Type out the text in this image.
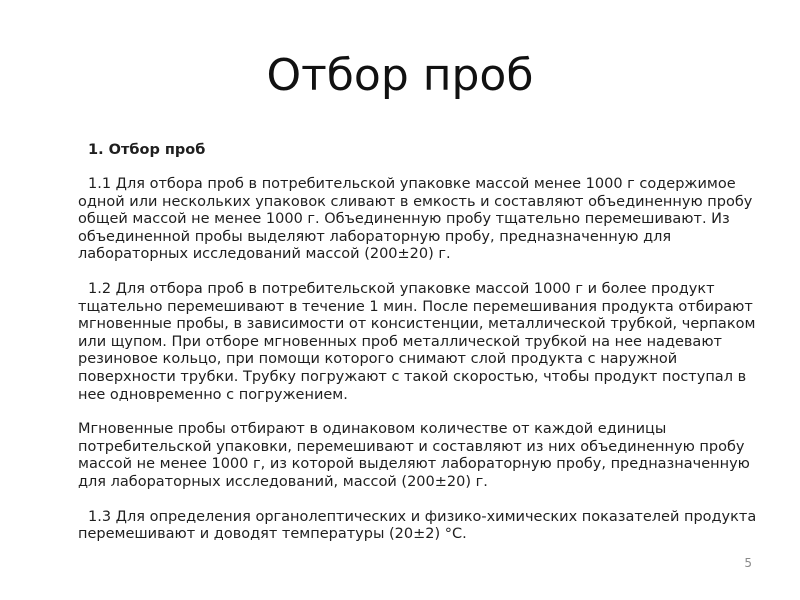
Отбор проб

1. Отбор проб

1.1 Для отбора проб в потребительской упаковке массой менее 1000 г содержимое одной или нескольких упаковок сливают в емкость и составляют объединенную пробу общей массой не менее 1000 г. Объединенную пробу тщательно перемешивают. Из объединенной пробы выделяют лабораторную пробу, предназначенную для лабораторных исследований массой (200±20) г.

1.2 Для отбора проб в потребительской упаковке массой 1000 г и более продукт тщательно перемешивают в течение 1 мин. После перемешивания продукта отбирают мгновенные пробы, в зависимости от консистенции, металлической трубкой, черпаком или щупом. При отборе мгновенных проб металлической трубкой на нее надевают резиновое кольцо, при помощи которого снимают слой продукта с наружной поверхности трубки. Трубку погружают с такой скоростью, чтобы продукт поступал в нее одновременно с погружением.

Мгновенные пробы отбирают в одинаковом количестве от каждой единицы потребительской упаковки, перемешивают и составляют из них объединенную пробу массой не менее 1000 г, из которой выделяют лабораторную пробу, предназначенную для лабораторных исследований, массой (200±20) г.

1.3 Для определения органолептических и физико-химических показателей продукта перемешивают и доводят температуры (20±2) °С.

5
